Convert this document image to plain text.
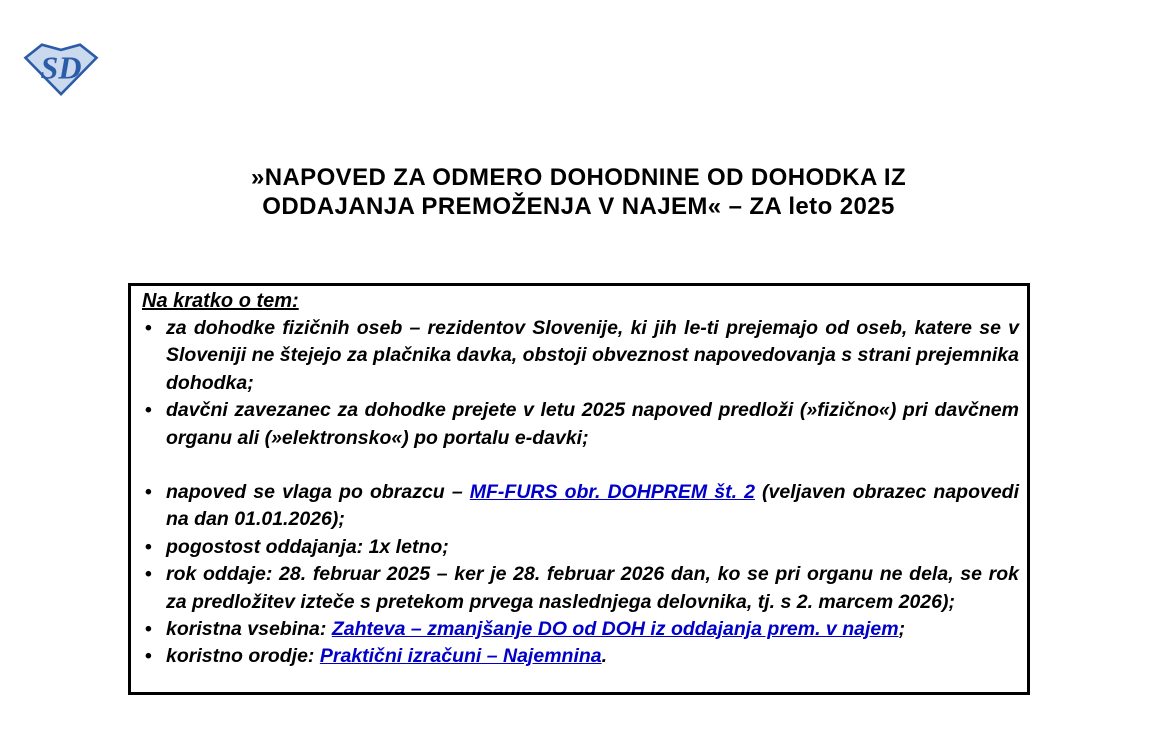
SD
»NAPOVED ZA ODMERO DOHODNINE OD DOHODKA IZ
ODDAJANJA PREMOŽENJA V NAJEM« – ZA leto 2025

Na kratko o tem:

• za dohodke fizičnih oseb – rezidentov Slovenije, ki jih le-ti prejemajo od oseb, katere se v Sloveniji ne štejejo za plačnika davka, obstoji obveznost napovedovanja s strani prejemnika dohodka;
• davčni zavezanec za dohodke prejete v letu 2025 napoved predloži (»fizično«) pri davčnem organu ali (»elektronsko«) po portalu e-davki;
• napoved se vlaga po obrazcu – MF-FURS obr. DOHPREM št. 2 (veljaven obrazec napovedi na dan 01.01.2026);
• pogostost oddajanja: 1x letno;
• rok oddaje: 28. februar 2025 – ker je 28. februar 2026 dan, ko se pri organu ne dela, se rok za predložitev izteče s pretekom prvega naslednjega delovnika, tj. s 2. marcem 2026);
• koristna vsebina: Zahteva – zmanjšanje DO od DOH iz oddajanja prem. v najem;
• koristno orodje: Praktični izračuni – Najemnina.
